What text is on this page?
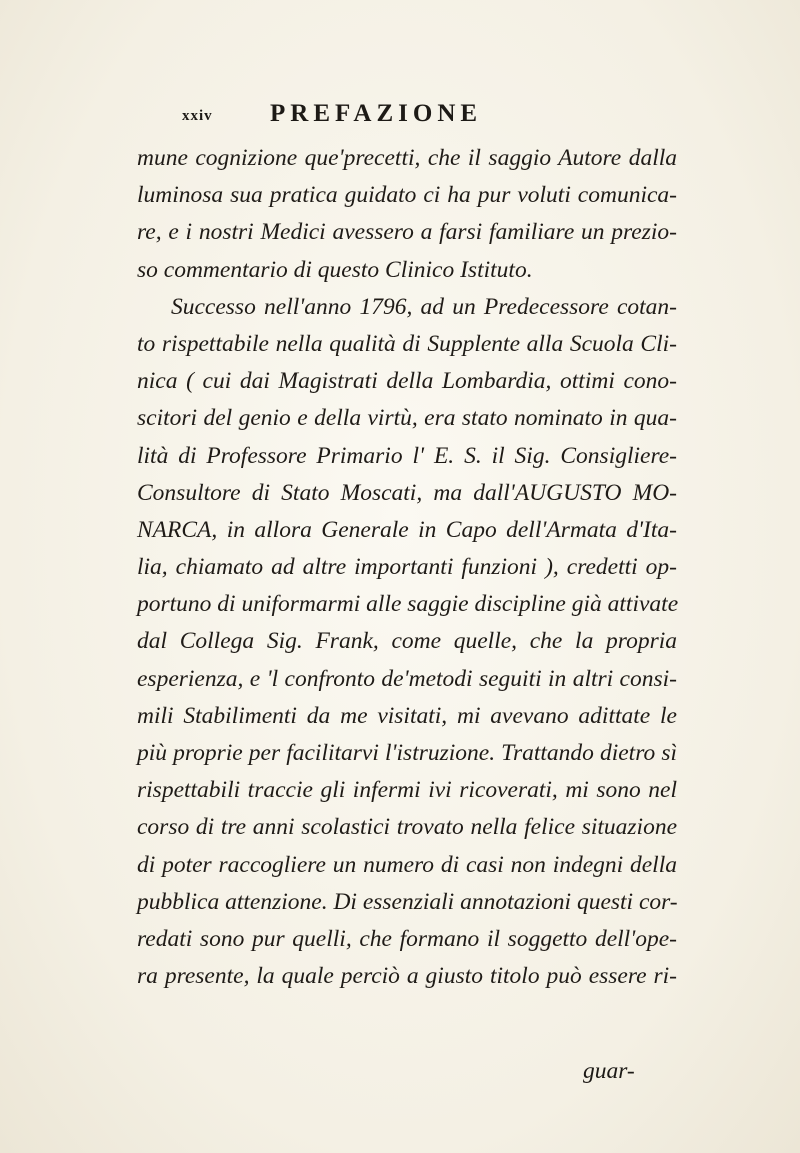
xxiv PREFAZIONE
mune cognizione que'precetti, che il saggio Autore dalla
luminosa sua pratica guidato ci ha pur voluti comunica-
re, e i nostri Medici avessero a farsi familiare un prezio-
so commentario di questo Clinico Istituto.
Successo nell'anno 1796, ad un Predecessore cotan-
to rispettabile nella qualità di Supplente alla Scuola Cli-
nica ( cui dai Magistrati della Lombardia, ottimi cono-
scitori del genio e della virtù, era stato nominato in qua-
lità di Professore Primario l' E. S. il Sig. Consigliere-
Consultore di Stato Moscati, ma dall'AUGUSTO MO-
NARCA, in allora Generale in Capo dell'Armata d'Ita-
lia, chiamato ad altre importanti funzioni ), credetti op-
portuno di uniformarmi alle saggie discipline già attivate
dal Collega Sig. Frank, come quelle, che la propria
esperienza, e 'l confronto de'metodi seguiti in altri consi-
mili Stabilimenti da me visitati, mi avevano adittate le
più proprie per facilitarvi l'istruzione. Trattando dietro sì
rispettabili traccie gli infermi ivi ricoverati, mi sono nel
corso di tre anni scolastici trovato nella felice situazione
di poter raccogliere un numero di casi non indegni della
pubblica attenzione. Di essenziali annotazioni questi cor-
redati sono pur quelli, che formano il soggetto dell'ope-
ra presente, la quale perciò a giusto titolo può essere ri-
guar-
